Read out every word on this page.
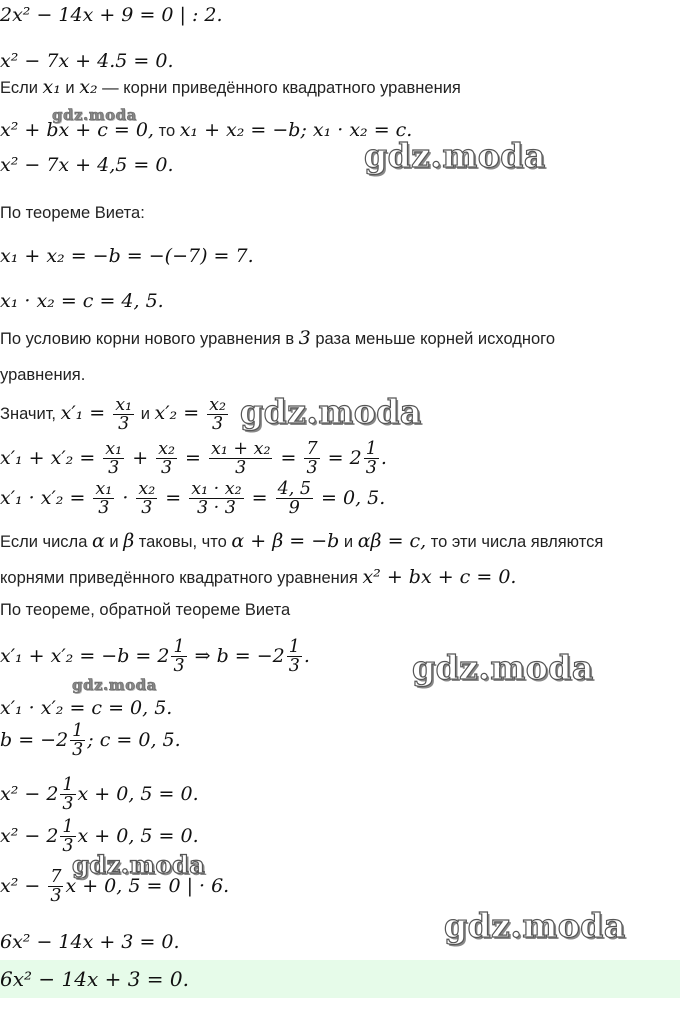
2x² − 14x + 9 = 0 | : 2.
x² − 7x + 4.5 = 0.
Если x₁ и x₂ — корни приведённого квадратного уравнения
x² + bx + c = 0, то x₁ + x₂ = −b; x₁ · x₂ = c.
x² − 7x + 4,5 = 0.
По теореме Виета:
x₁ + x₂ = −b = −(−7) = 7.
x₁ · x₂ = c = 4, 5.
По условию корни нового уравнения в 3 раза меньше корней исходного
уравнения.
Значит, $x'_1 = \frac{\text{x₁}}{3}$ и $x'_2 = \frac{\text{x₂}}{3}$
$x'_1 + x'_2 = \frac{\text{x₁}}{3} + \frac{\text{x₂}}{3} = \frac{\text{x₁ + x₂}}{3} = \frac{7}{3} = 2 \frac{1}{3}$ .
$x'_1 \cdot x'_2 = \frac{\text{x₁}}{3} \cdot \frac{\text{x₂}}{3} = \frac{\text{x₁ · x₂}}{3 \cdot 3} = \frac{4, 5}{9} = 0$, 5.
Если числа α и β таковы, что α + β = −b и αβ = c, то эти числа являются
корнями приведённого квадратного уравнения x² + bx + c = 0.
По теореме, обратной теореме Виета
$x'_1 + x'_2 = -b = 2 \frac{1}{3}$ ⇒ $b = -2 \frac{1}{3}$ .
x′₁ · x′₂ = c = 0, 5.
$b = -2 \frac{1}{3}$ ; c = 0, 5.
$x^2 - 2 \frac{1}{3}$ x + 0, 5 = 0.
$x^2 - 2 \frac{1}{3}$ x + 0, 5 = 0.
$x^2 - \frac{7}{3}$ x + 0, 5 = 0 | · 6.
6x² − 14x + 3 = 0.
6x² − 14x + 3 = 0.
gdz.moda
gdz.moda
gdz.moda
gdz.moda
gdz.moda
gdz.moda
gdz.moda
